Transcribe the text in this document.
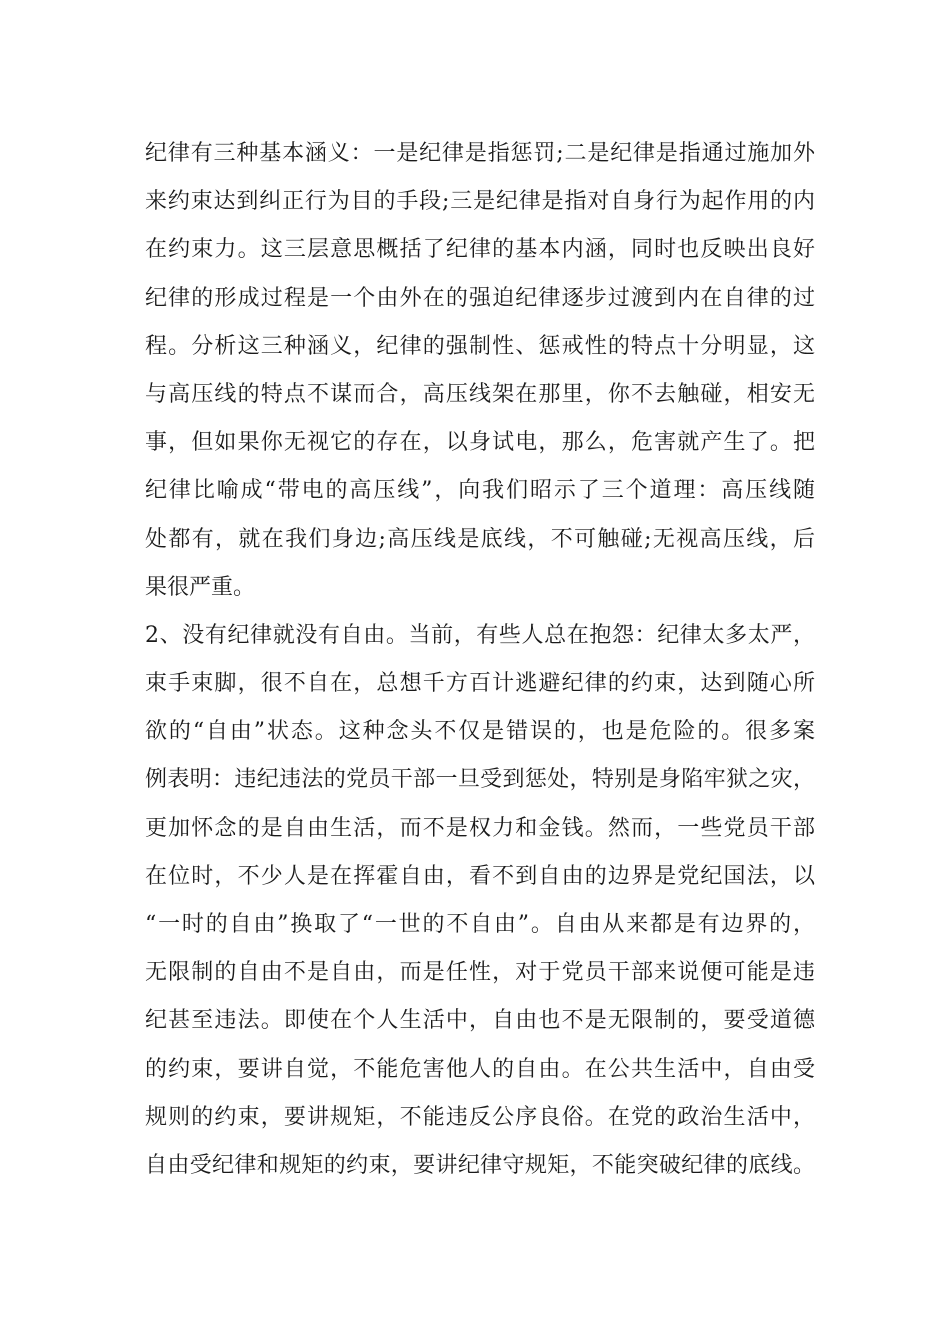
纪律有三种基本涵义：一是纪律是指惩罚;二是纪律是指通过施加外
来约束达到纠正行为目的手段;三是纪律是指对自身行为起作用的内
在约束力。这三层意思概括了纪律的基本内涵，同时也反映出良好
纪律的形成过程是一个由外在的强迫纪律逐步过渡到内在自律的过
程。分析这三种涵义，纪律的强制性、惩戒性的特点十分明显，这
与高压线的特点不谋而合，高压线架在那里，你不去触碰，相安无
事，但如果你无视它的存在，以身试电，那么，危害就产生了。把
纪律比喻成“带电的高压线”，向我们昭示了三个道理：高压线随
处都有，就在我们身边;高压线是底线，不可触碰;无视高压线，后
果很严重。
2、没有纪律就没有自由。当前，有些人总在抱怨：纪律太多太严，
束手束脚，很不自在，总想千方百计逃避纪律的约束，达到随心所
欲的“自由”状态。这种念头不仅是错误的，也是危险的。很多案
例表明：违纪违法的党员干部一旦受到惩处，特别是身陷牢狱之灾，
更加怀念的是自由生活，而不是权力和金钱。然而，一些党员干部
在位时，不少人是在挥霍自由，看不到自由的边界是党纪国法，以
“一时的自由”换取了“一世的不自由”。自由从来都是有边界的，
无限制的自由不是自由，而是任性，对于党员干部来说便可能是违
纪甚至违法。即使在个人生活中，自由也不是无限制的，要受道德
的约束，要讲自觉，不能危害他人的自由。在公共生活中，自由受
规则的约束，要讲规矩，不能违反公序良俗。在党的政治生活中，
自由受纪律和规矩的约束，要讲纪律守规矩，不能突破纪律的底线。
